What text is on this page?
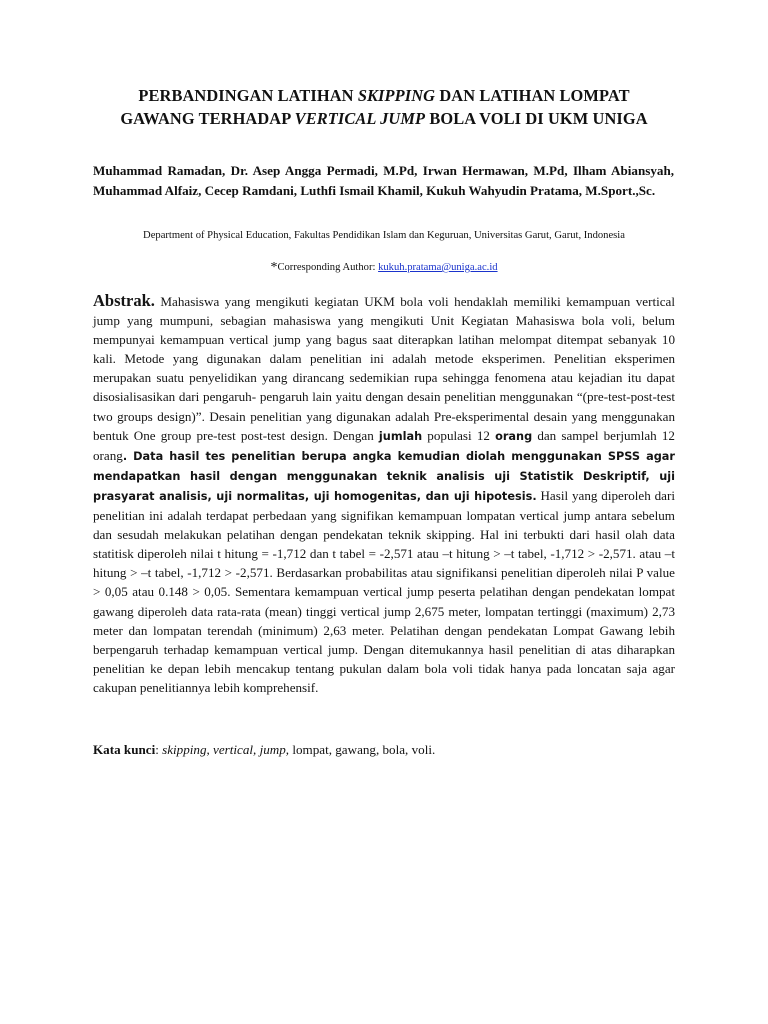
PERBANDINGAN LATIHAN SKIPPING DAN LATIHAN LOMPAT GAWANG TERHADAP VERTICAL JUMP BOLA VOLI DI UKM UNIGA
Muhammad Ramadan, Dr. Asep Angga Permadi, M.Pd, Irwan Hermawan, M.Pd, Ilham Abiansyah, Muhammad Alfaiz, Cecep Ramdani, Luthfi Ismail Khamil, Kukuh Wahyudin Pratama, M.Sport.,Sc.
Department of Physical Education, Fakultas Pendidikan Islam dan Keguruan, Universitas Garut, Garut, Indonesia
*Corresponding Author: kukuh.pratama@uniga.ac.id
Abstrak. Mahasiswa yang mengikuti kegiatan UKM bola voli hendaklah memiliki kemampuan vertical jump yang mumpuni, sebagian mahasiswa yang mengikuti Unit Kegiatan Mahasiswa bola voli, belum mempunyai kemampuan vertical jump yang bagus saat diterapkan latihan melompat ditempat sebanyak 10 kali. Metode yang digunakan dalam penelitian ini adalah metode eksperimen. Penelitian eksperimen merupakan suatu penyelidikan yang dirancang sedemikian rupa sehingga fenomena atau kejadian itu dapat disosialisasikan dari pengaruh- pengaruh lain yaitu dengan desain penelitian menggunakan “(pre-test-post-test two groups design)”. Desain penelitian yang digunakan adalah Pre-eksperimental desain yang menggunakan bentuk One group pre-test post-test design. Dengan jumlah populasi 12 orang dan sampel berjumlah 12 orang. Data hasil tes penelitian berupa angka kemudian diolah menggunakan SPSS agar mendapatkan hasil dengan menggunakan teknik analisis uji Statistik Deskriptif, uji prasyarat analisis, uji normalitas, uji homogenitas, dan uji hipotesis. Hasil yang diperoleh dari penelitian ini adalah terdapat perbedaan yang signifikan kemampuan lompatan vertical jump antara sebelum dan sesudah melakukan pelatihan dengan pendekatan teknik skipping. Hal ini terbukti dari hasil olah data statitisk diperoleh nilai t hitung = -1,712 dan t tabel = -2,571 atau –t hitung > –t tabel, -1,712 > -2,571. atau –t hitung > –t tabel, -1,712 > -2,571. Berdasarkan probabilitas atau signifikansi penelitian diperoleh nilai P value > 0,05 atau 0.148 > 0,05. Sementara kemampuan vertical jump peserta pelatihan dengan pendekatan lompat gawang diperoleh data rata-rata (mean) tinggi vertical jump 2,675 meter, lompatan tertinggi (maximum) 2,73 meter dan lompatan terendah (minimum) 2,63 meter. Pelatihan dengan pendekatan Lompat Gawang lebih berpengaruh terhadap kemampuan vertical jump. Dengan ditemukannya hasil penelitian di atas diharapkan penelitian ke depan lebih mencakup tentang pukulan dalam bola voli tidak hanya pada loncatan saja agar cakupan penelitiannya lebih komprehensif.
Kata kunci: skipping, vertical, jump, lompat, gawang, bola, voli.
